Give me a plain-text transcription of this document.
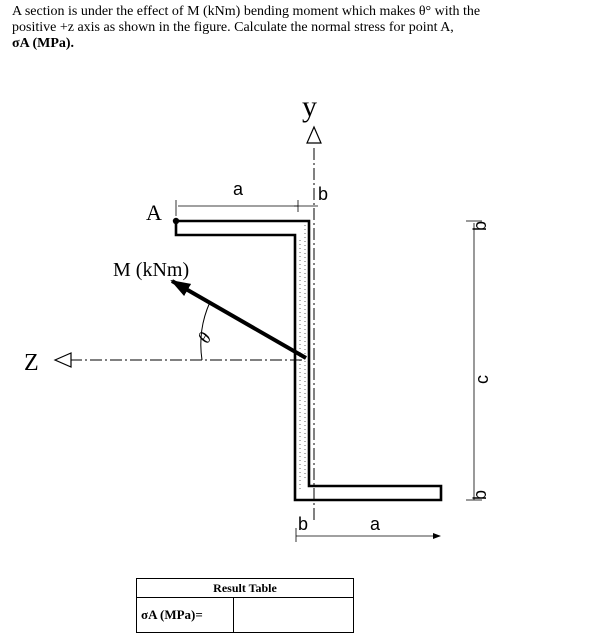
A section is under the effect of M (kNm) bending moment which makes θ° with the
positive +z axis as shown in the figure. Calculate the normal stress for point A,
σA (MPa).
y
Z
A
M (kNm)
θ
a	b
b
c
b
b	a
Result Table
σA (MPa)=	
